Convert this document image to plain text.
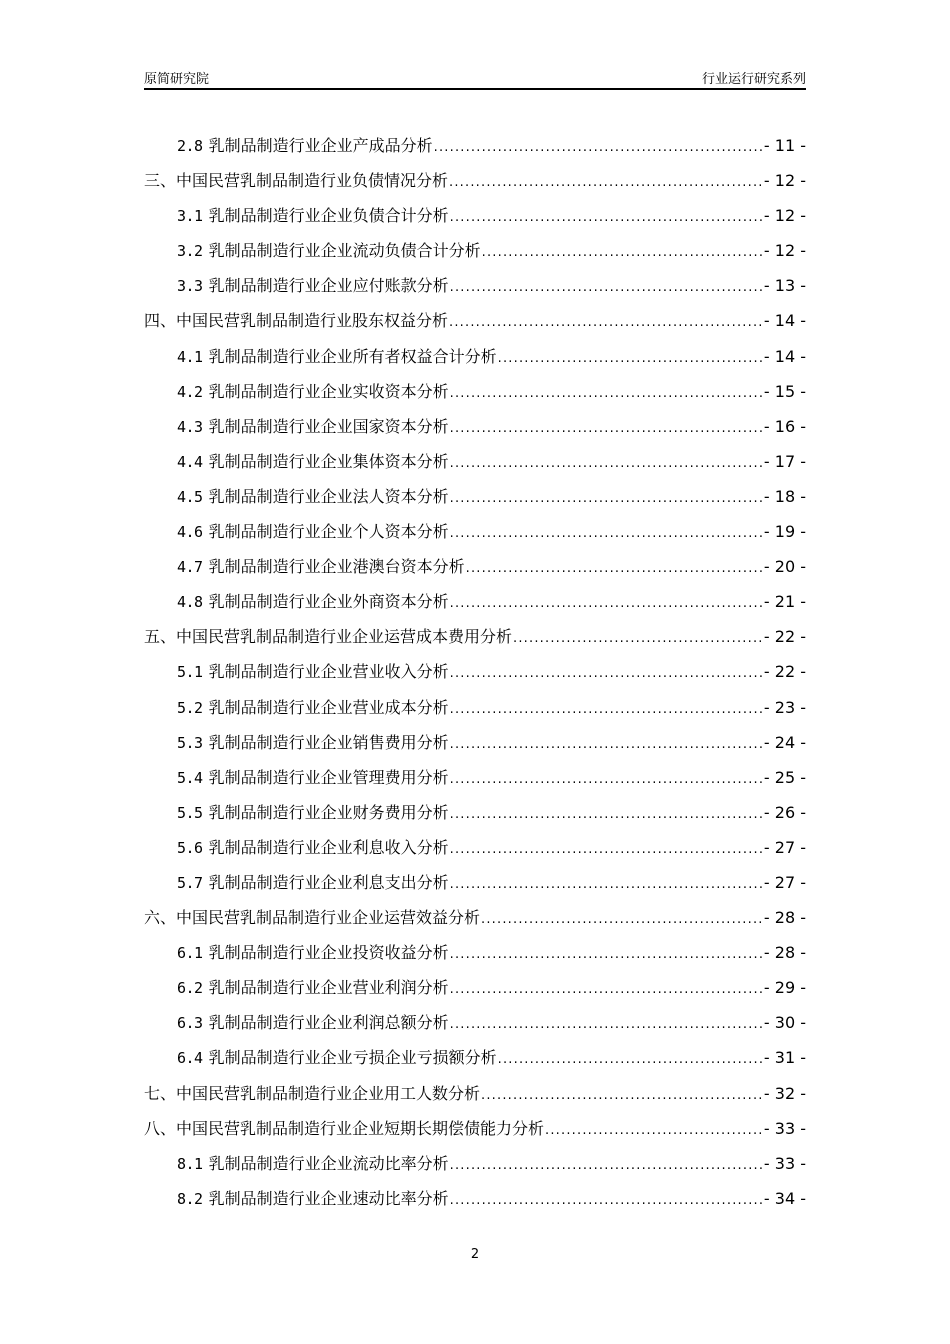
原简研究院	行业运行研究系列
2.8 乳制品制造行业企业产成品分析 .....	- 11 -
三、中国民营乳制品制造行业负债情况分析 .....	- 12 -
3.1 乳制品制造行业企业负债合计分析 .....	- 12 -
3.2 乳制品制造行业企业流动负债合计分析 .....	- 12 -
3.3 乳制品制造行业企业应付账款分析 .....	- 13 -
四、中国民营乳制品制造行业股东权益分析 .....	- 14 -
4.1 乳制品制造行业企业所有者权益合计分析 .....	- 14 -
4.2 乳制品制造行业企业实收资本分析 .....	- 15 -
4.3 乳制品制造行业企业国家资本分析 .....	- 16 -
4.4 乳制品制造行业企业集体资本分析 .....	- 17 -
4.5 乳制品制造行业企业法人资本分析 .....	- 18 -
4.6 乳制品制造行业企业个人资本分析 .....	- 19 -
4.7 乳制品制造行业企业港澳台资本分析 .....	- 20 -
4.8 乳制品制造行业企业外商资本分析 .....	- 21 -
五、中国民营乳制品制造行业企业运营成本费用分析 .....	- 22 -
5.1 乳制品制造行业企业营业收入分析 .....	- 22 -
5.2 乳制品制造行业企业营业成本分析 .....	- 23 -
5.3 乳制品制造行业企业销售费用分析 .....	- 24 -
5.4 乳制品制造行业企业管理费用分析 .....	- 25 -
5.5 乳制品制造行业企业财务费用分析 .....	- 26 -
5.6 乳制品制造行业企业利息收入分析 .....	- 27 -
5.7 乳制品制造行业企业利息支出分析 .....	- 27 -
六、中国民营乳制品制造行业企业运营效益分析 .....	- 28 -
6.1 乳制品制造行业企业投资收益分析 .....	- 28 -
6.2 乳制品制造行业企业营业利润分析 .....	- 29 -
6.3 乳制品制造行业企业利润总额分析 .....	- 30 -
6.4 乳制品制造行业企业亏损企业亏损额分析 .....	- 31 -
七、中国民营乳制品制造行业企业用工人数分析 .....	- 32 -
八、中国民营乳制品制造行业企业短期长期偿债能力分析 .....	- 33 -
8.1 乳制品制造行业企业流动比率分析 .....	- 33 -
8.2 乳制品制造行业企业速动比率分析 .....	- 34 -
2
